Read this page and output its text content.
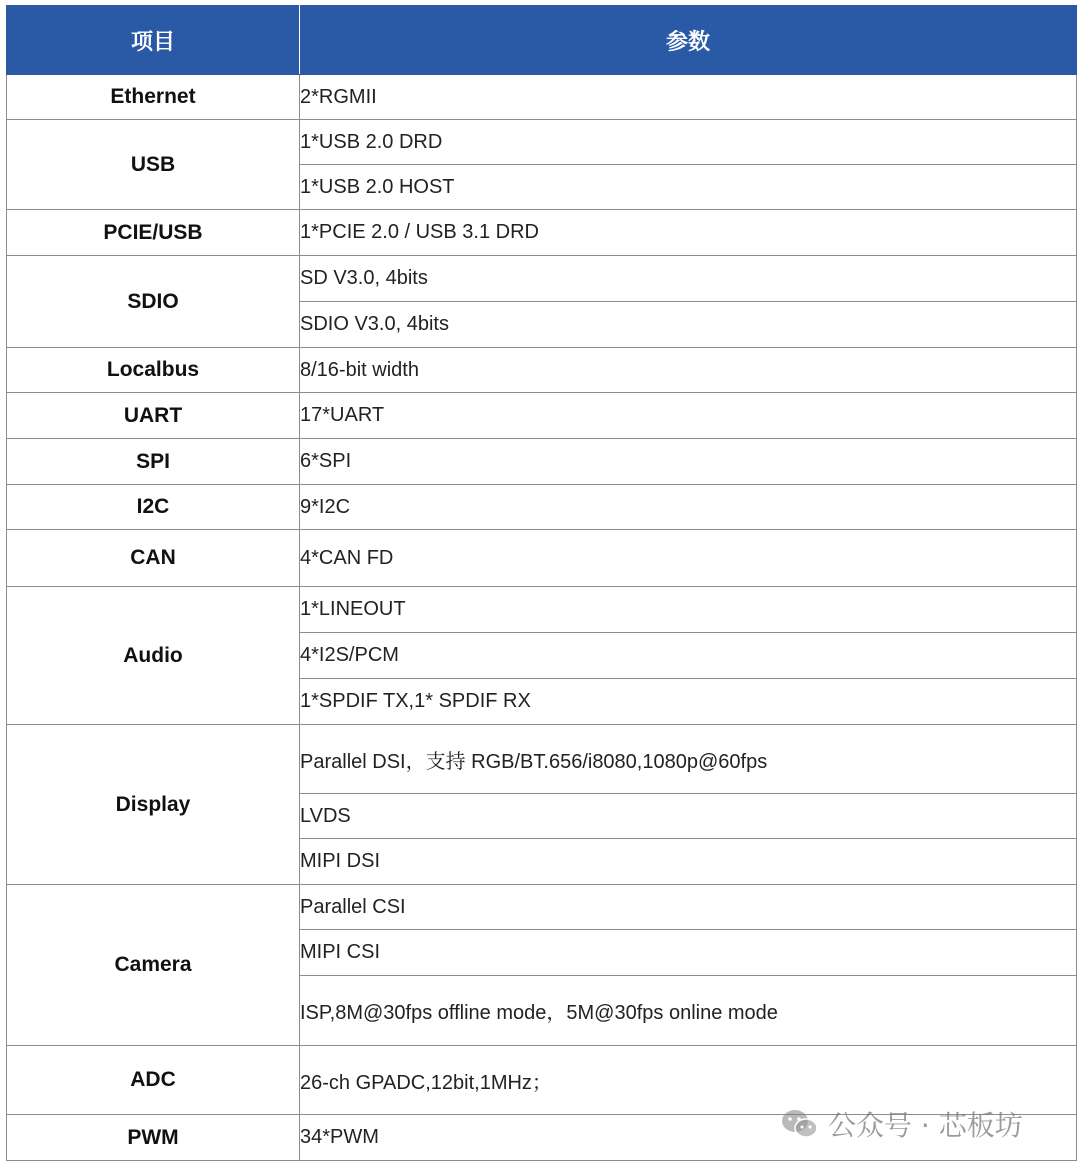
项目	参数
Ethernet	2*RGMII
USB	1*USB 2.0 DRD
	1*USB 2.0 HOST
PCIE/USB	1*PCIE 2.0 / USB 3.1 DRD
SDIO	SD V3.0, 4bits
	SDIO V3.0, 4bits
Localbus	8/16-bit width
UART	17*UART
SPI	6*SPI
I2C	9*I2C
CAN	4*CAN FD
Audio	1*LINEOUT
	4*I2S/PCM
	1*SPDIF TX,1* SPDIF RX
Display	Parallel DSI，支持 RGB/BT.656/i8080,1080p@60fps
	LVDS
	MIPI DSI
Camera	Parallel CSI
	MIPI CSI
	ISP,8M@30fps offline mode，5M@30fps online mode
ADC	26-ch GPADC,12bit,1MHz；
PWM	34*PWM	公众号 · 芯板坊
